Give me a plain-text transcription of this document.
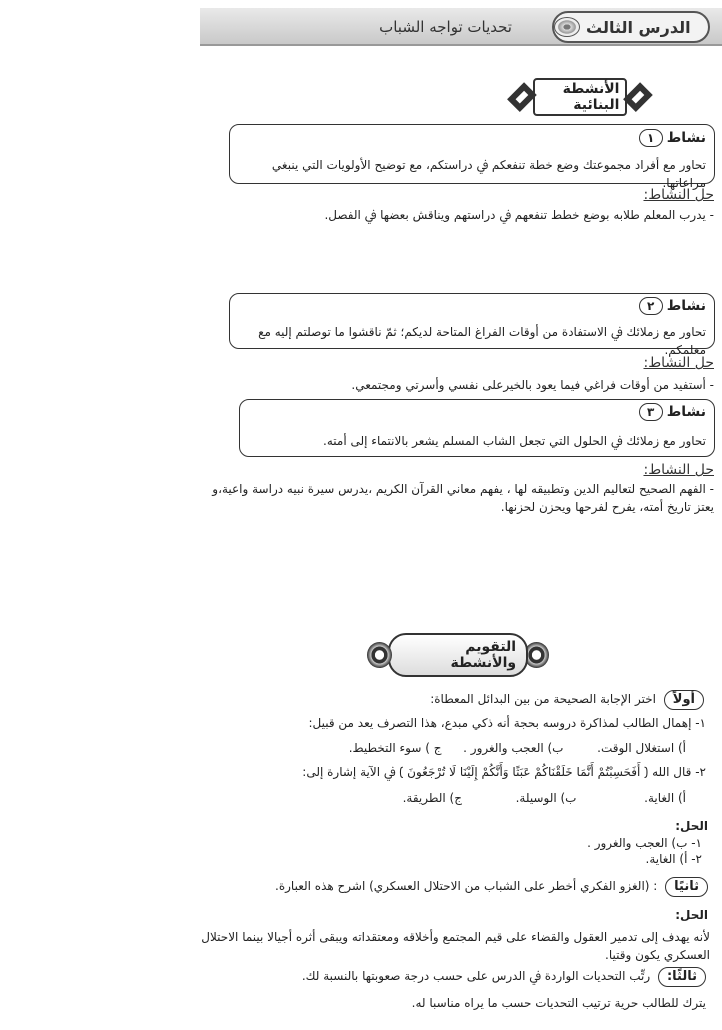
الدرس الثالث
تحديات تواجه الشباب
الأنشطة البنائية
نشاط
١
تحاور مع أفراد مجموعتك وضع خطة تنفعكم ﰲ دراستكم، مع توضيح الأولويات التي ينبغي مراعاتها.
حل النشاط:
- يدرب المعلم طلابه بوضع خطط تنفعهم ﰲ دراستهم ويناقش بعضها ﰲ الفصل.
نشاط
٢
تحاور مع زملائك ﰲ الاستفادة من أوقات الفراغ المتاحة لديكم؛ ثمّ ناقشوا ما توصلتم إليه مع معلمكم.
حل النشاط:
- أستفيد من أوقات فراغي فيما يعود بالخيرعلى نفسي وأسرتي ومجتمعي.
نشاط
٣
تحاور مع زملائك ﰲ الحلول التي تجعل الشاب المسلم يشعر بالانتماء إلى أمته.
حل النشاط:
- الفهم الصحيح لتعاليم الدين وتطبيقه لها ، يفهم معاني القرآن الكريم ،يدرس سيرة نبيه دراسة واعية،و
يعتز تاريخ أمته، يفرح لفرحها ويحزن لحزنها.
التقويم والأنشطة
أولاً اختر الإجابة الصحيحة من بين البدائل المعطاة:
١- إهمال الطالب لمذاكرة دروسه بحجة أنه ذكي مبدع، هذا التصرف يعد من قبيل:
أ) استغلال الوقت.  ب) العجب والغرور .  ج ) سوء التخطيط.
٢- قال الله ﴿ أَفَحَسِبْتُمْ أَنَّمَا خَلَقْنَاكُمْ عَبَثًا وَأَنَّكُمْ إِلَيْنَا لَا تُرْجَعُونَ ﴾ ﰲ الآية إشارة إلى:
أ) الغاية.  ب) الوسيلة.  ج) الطريقة.
الحل:
١- ب) العجب والغرور .
٢- أ) الغاية.
ثانيًا : (الغزو الفكري أخطر على الشباب من الاحتلال العسكري) اشرح هذه العبارة.
الحل:
لأنه يهدف إلى تدمير العقول والقضاء على قيم المجتمع وأخلاقه ومعتقداته ويبقى أثره أجيالا بينما الاحتلال
العسكري يكون وقتيا.
ثالثًا: رتِّب التحديات الواردة ﰲ الدرس على حسب درجة صعوبتها بالنسبة لك.
يترك للطالب حرية ترتيب التحديات حسب ما يراه مناسبا له.
